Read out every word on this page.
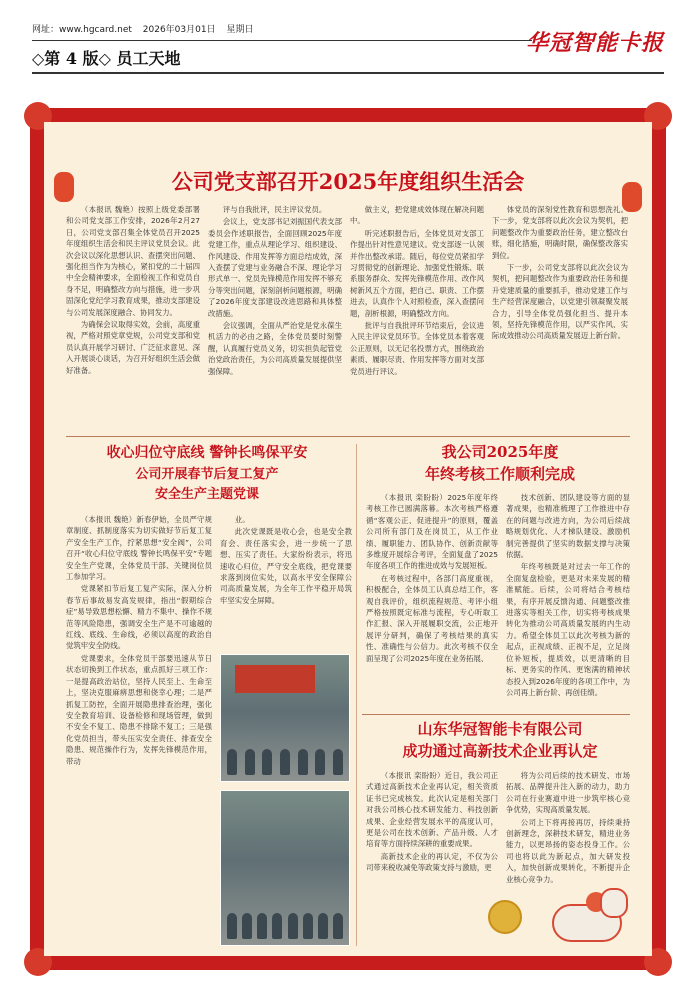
网址：www.hgcard.net 2026年03月01日 星期日	华冠智能卡报
◇第 4 版◇ 员工天地
公司党支部召开2025年度组织生活会

（本报讯 魏艳）按照上级党委部署和公司党支部工作安排，2026年2月27日，公司党支部召集全体党员召开2025年度组织生活会和民主评议党员会议。此次会议以深化思想认识、查摆突出问题、强化担当作为为核心，紧扣党的二十届四中全会精神要求，全面检视工作和党员自身不足，明确整改方向与措施，进一步巩固深化党纪学习教育成果，推动支部建设与公司发展深度融合、协同发力。

为确保会议取得实效，会前，高度重视，严格对照党章党规，公司党支部和党员认真开展学习研讨、广泛征求意见、深入开展谈心谈话，为召开好组织生活会做好准备。

评与自我批评，民主评议党员。

会议上，党支部书记刘振国代表支部委员会作述职报告，全面回顾2025年度党建工作，重点从理论学习、组织建设、作风建设、作用发挥等方面总结成效，深入查摆了党建与业务融合不深、理论学习形式单一、党员先锋模范作用发挥不够充分等突出问题，深刻剖析问题根源，明确了2026年度支部建设改进思路和具体整改措施。

会议强调，全面从严治党是党永葆生机活力的必由之路，全体党员要时刻警醒，认真履行党员义务，切实担负起管党治党政治责任，为公司高质量发展提供坚强保障。

做主义，把党建成效体现在解决问题中。

听完述职报告后，全体党员对支部工作提出针对性意见建议。党支部逐一认领并作出整改承诺。随后，每位党员紧扣学习贯彻党的创新理论、加强党性锻炼、联系服务群众、发挥先锋模范作用、改作风树新风五个方面，把自己、职责、工作摆进去，认真作个人对照检查，深入查摆问题，剖析根源，明确整改方向。

批评与自我批评环节结束后，会议进入民主评议党员环节。全体党员本着客观公正原则，以无记名投票方式，围绕政治素质、履职尽责、作用发挥等方面对支部党员进行评议。

体党员的深刻党性教育和思想洗礼。下一步，党支部将以此次会议为契机，把问题整改作为重要政治任务，建立整改台账，细化措施，明确时限，确保整改落实到位。

下一步，公司党支部将以此次会议为契机，把问题整改作为重要政治任务和提升党建质量的重要抓手，推动党建工作与生产经营深度融合，以党建引领凝聚发展合力，引导全体党员强化担当、提升本领，坚持先锋模范作用，以严实作风、实际成效推动公司高质量发展迈上新台阶。

收心归位守底线 警钟长鸣保平安
公司开展春节后复工复产
安全生产主题党课

（本报讯 魏艳）新春伊始，全员严守规章制度、抓制度落实为切实做好节后复工复产安全生产工作，拧紧思想“安全阀”，公司召开“收心归位守底线 警钟长鸣保平安”专题安全生产党课，全体党员干部、关键岗位员工参加学习。

党课紧扣节后复工复产实际，深入分析春节后事故易发高发规律，指出“假期综合症”易导致思想松懈、精力不集中、操作不规范等风险隐患，强调安全生产是不可逾越的红线、底线、生命线，必须以高度的政治自觉筑牢安全防线。

党课要求，全体党员干部要迅速从节日状态切换到工作状态，重点抓好三项工作：一是提高政治站位，坚持人民至上、生命至上，坚决克服麻痹思想和侥幸心理；二是严抓复工防控，全面开展隐患排查治理，强化安全教育培训、设备检修和现场管理，做到不安全不复工、隐患不排除不复工；三是强化党员担当，带头压实安全责任、排查安全隐患、规范操作行为，发挥先锋模范作用，带动

业。

此次党课既是收心会，也是安全教育会、责任落实会，进一步统一了思想、压实了责任。大家纷纷表示，将迅速收心归位，严守安全底线，把党课要求落到岗位实处，以高水平安全保障公司高质量发展，为全年工作平稳开局筑牢坚实安全屏障。

我公司2025年度
年终考核工作顺利完成

（本报讯 栾盼盼）2025年度年终考核工作已圆满落幕。本次考核严格遵循“客观公正、促进提升”的原则，覆盖公司所有部门及在岗员工，从工作业绩、履职能力、团队协作、创新贡献等多维度开展综合考评，全面复盘了2025年度各项工作的推进成效与发展短板。

在考核过程中，各部门高度重视，积极配合，全体员工认真总结工作，客观自我评价，组织流程规范、考评小组严格按照既定标准与流程，专心听取工作汇报、深入开展履职交流，公正地开展评分研判，确保了考核结果的真实性、准确性与公信力。此次考核不仅全面呈现了公司2025年度在业务拓展、

技术创新、团队建设等方面的显著成果，也精准梳理了工作推进中存在的问题与改进方向，为公司后续战略规划优化、人才梯队建设、激励机制完善提供了坚实的数据支撑与决策依据。

年终考核既是对过去一年工作的全面复盘检验，更是对未来发展的精准赋能。后续，公司将结合考核结果，有序开展反馈沟通、问题整改推进落实等相关工作，切实将考核成果转化为推动公司高质量发展的内生动力。希望全体员工以此次考核为新的起点，正视成绩、正视不足，立足岗位补短板，提质效，以更清晰的目标、更务实的作风、更饱满的精神状态投入到2026年度的各项工作中，为公司再上新台阶、再创佳绩。

山东华冠智能卡有限公司
成功通过高新技术企业再认定

（本报讯 栾盼盼）近日，我公司正式通过高新技术企业再认定，相关资质证书已完成核发。此次认定是相关部门对我公司核心技术研发能力、科技创新成果、企业经营发展水平的高度认可，更是公司在技术创新、产品升级、人才培育等方面持续深耕的重要成果。

高新技术企业的再认定，不仅为公司带来税收减免等政策支持与激励，更

将为公司后续的技术研发、市场拓展、品牌提升注入新的动力，助力公司在行业赛道中进一步筑牢核心竞争优势，实现高质量发展。

公司上下将再接再厉，持续秉持创新理念，深耕技术研发，精进业务能力，以更昂扬的姿态投身工作。公司也将以此为新起点，加大研发投入，加快创新成果转化，不断提升企业核心竞争力。
